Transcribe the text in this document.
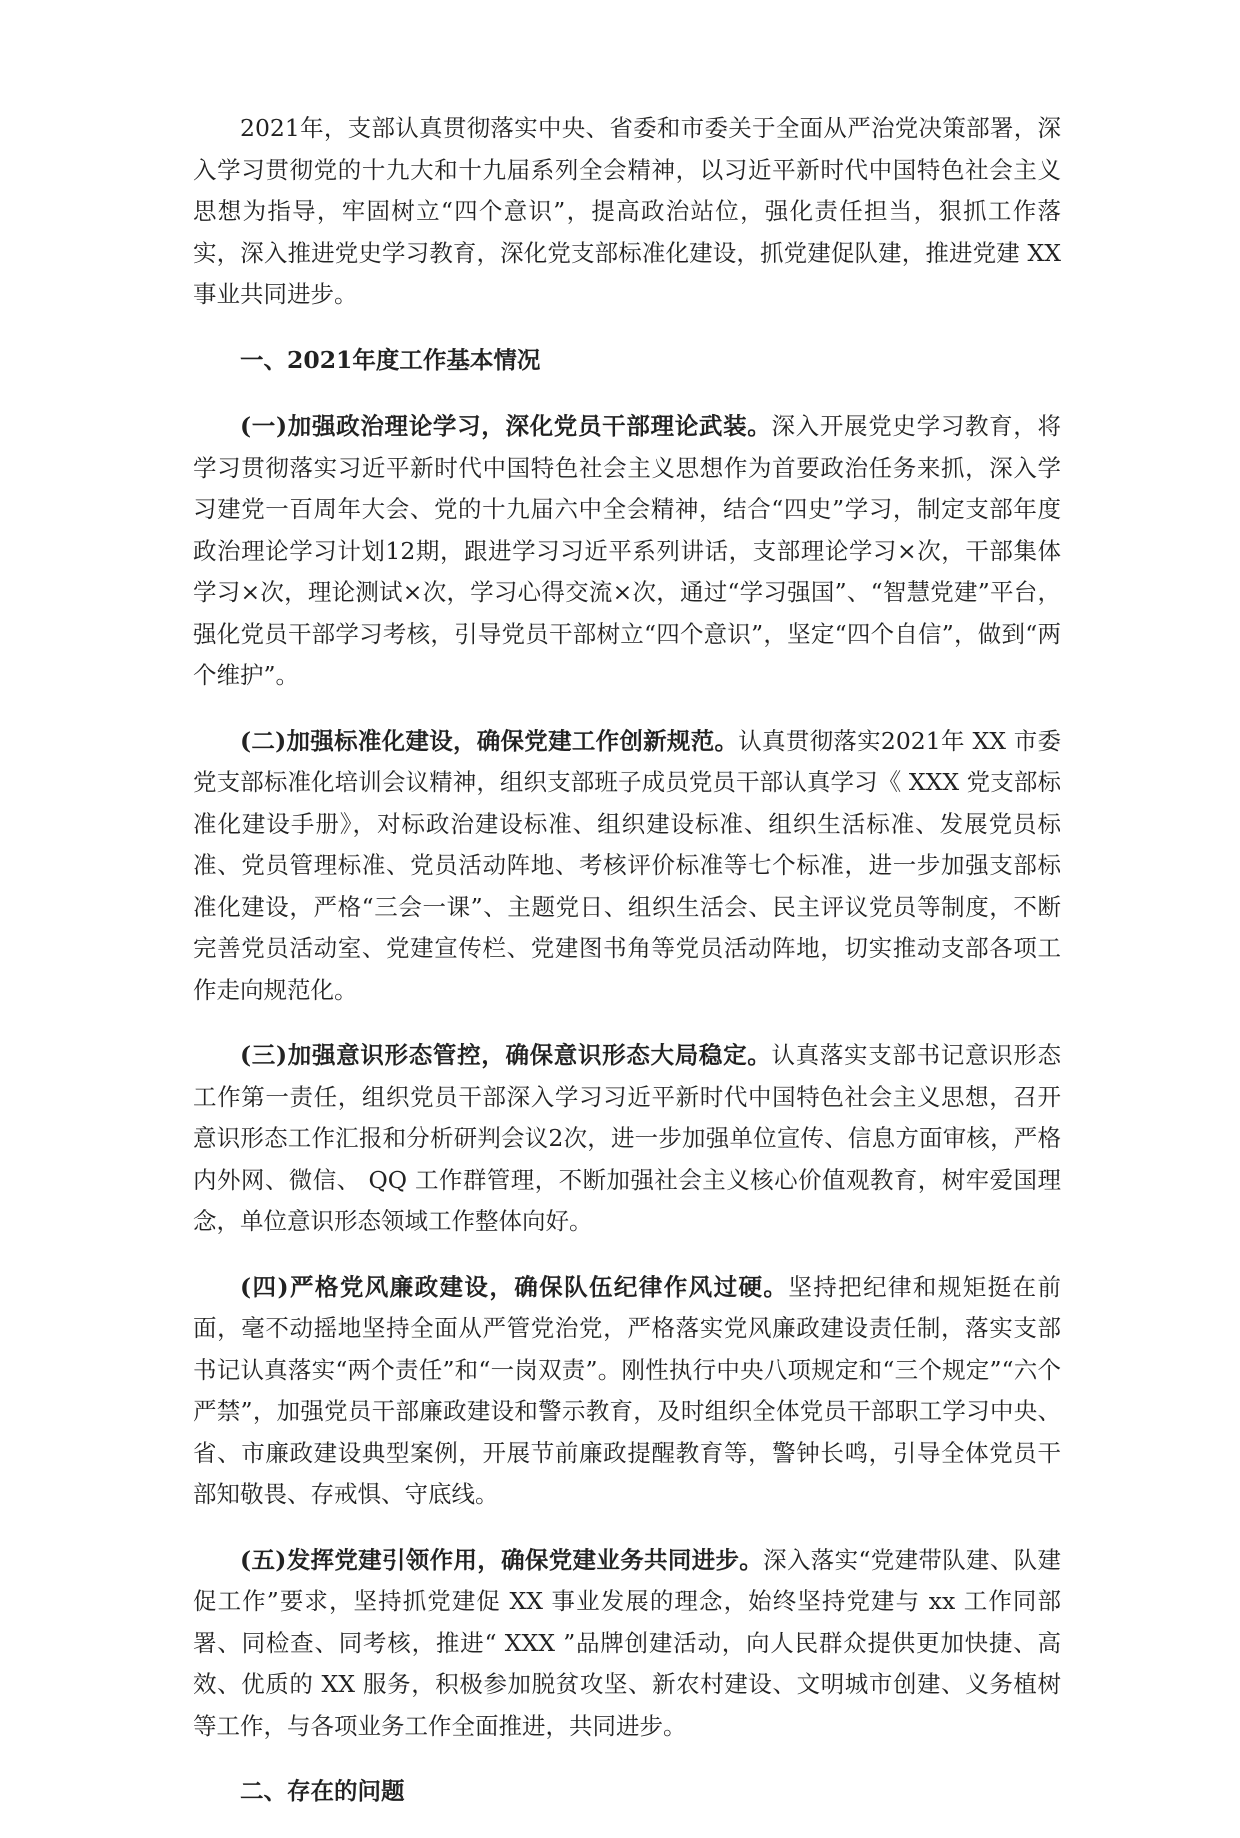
2021年，支部认真贯彻落实中央、省委和市委关于全面从严治党决策部署，深入学习贯彻党的十九大和十九届系列全会精神，以习近平新时代中国特色社会主义思想为指导，牢固树立“四个意识”，提高政治站位，强化责任担当，狠抓工作落实，深入推进党史学习教育，深化党支部标准化建设，抓党建促队建，推进党建 XX 事业共同进步。

一、2021年度工作基本情况

(一)加强政治理论学习，深化党员干部理论武装。深入开展党史学习教育，将学习贯彻落实习近平新时代中国特色社会主义思想作为首要政治任务来抓，深入学习建党一百周年大会、党的十九届六中全会精神，结合“四史”学习，制定支部年度政治理论学习计划12期，跟进学习习近平系列讲话，支部理论学习×次，干部集体学习×次，理论测试×次，学习心得交流×次，通过“学习强国”、“智慧党建”平台，强化党员干部学习考核，引导党员干部树立“四个意识”，坚定“四个自信”，做到“两个维护”。

(二)加强标准化建设，确保党建工作创新规范。认真贯彻落实2021年 XX 市委党支部标准化培训会议精神，组织支部班子成员党员干部认真学习《 XXX 党支部标准化建设手册》，对标政治建设标准、组织建设标准、组织生活标准、发展党员标准、党员管理标准、党员活动阵地、考核评价标准等七个标准，进一步加强支部标准化建设，严格“三会一课”、主题党日、组织生活会、民主评议党员等制度，不断完善党员活动室、党建宣传栏、党建图书角等党员活动阵地，切实推动支部各项工作走向规范化。

(三)加强意识形态管控，确保意识形态大局稳定。认真落实支部书记意识形态工作第一责任，组织党员干部深入学习习近平新时代中国特色社会主义思想，召开意识形态工作汇报和分析研判会议2次，进一步加强单位宣传、信息方面审核，严格内外网、微信、 QQ 工作群管理，不断加强社会主义核心价值观教育，树牢爱国理念，单位意识形态领域工作整体向好。

(四)严格党风廉政建设，确保队伍纪律作风过硬。坚持把纪律和规矩挺在前面，毫不动摇地坚持全面从严管党治党，严格落实党风廉政建设责任制，落实支部书记认真落实“两个责任”和“一岗双责”。刚性执行中央八项规定和“三个规定”“六个严禁”，加强党员干部廉政建设和警示教育，及时组织全体党员干部职工学习中央、省、市廉政建设典型案例，开展节前廉政提醒教育等，警钟长鸣，引导全体党员干部知敬畏、存戒惧、守底线。

(五)发挥党建引领作用，确保党建业务共同进步。深入落实“党建带队建、队建促工作”要求，坚持抓党建促 XX 事业发展的理念，始终坚持党建与 xx 工作同部署、同检查、同考核，推进“ XXX ”品牌创建活动，向人民群众提供更加快捷、高效、优质的 XX 服务，积极参加脱贫攻坚、新农村建设、文明城市创建、义务植树等工作，与各项业务工作全面推进，共同进步。

二、存在的问题
